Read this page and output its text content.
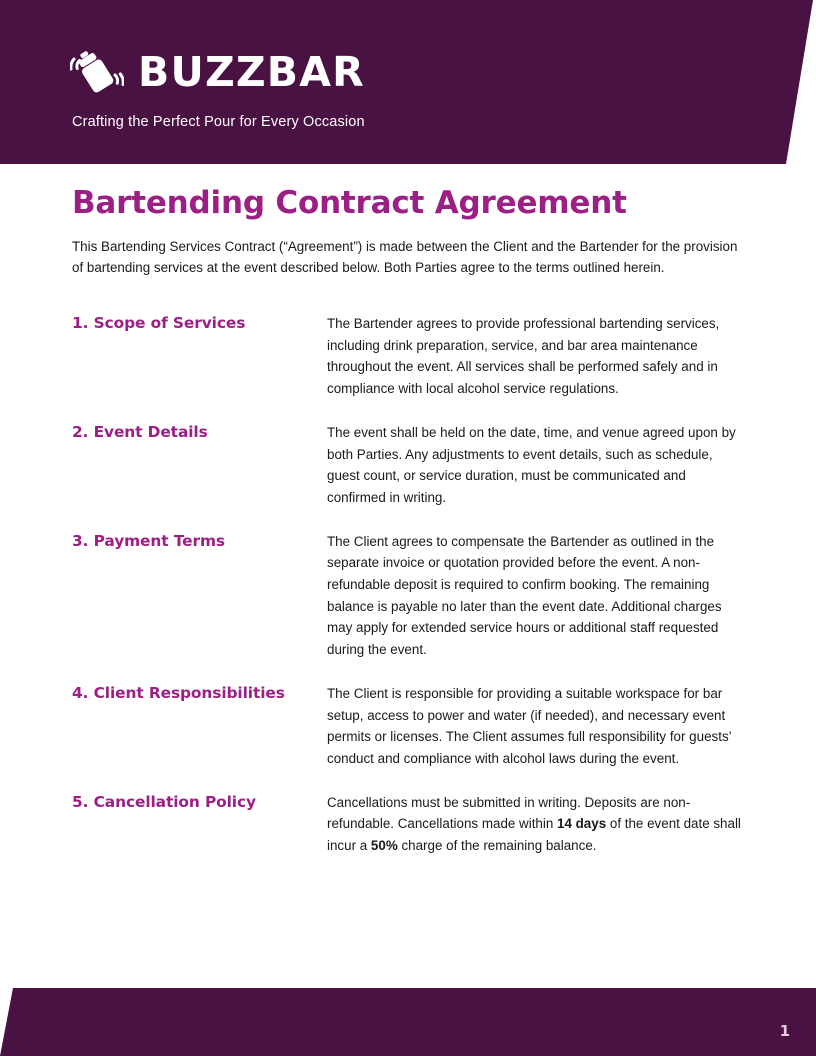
BUZZBAR
Crafting the Perfect Pour for Every Occasion
Bartending Contract Agreement

This Bartending Services Contract (“Agreement”) is made between the Client and the Bartender for the provision of bartending services at the event described below. Both Parties agree to the terms outlined herein.

1. Scope of Services	The Bartender agrees to provide professional bartending services, including drink preparation, service, and bar area maintenance throughout the event. All services shall be performed safely and in compliance with local alcohol service regulations.
2. Event Details	The event shall be held on the date, time, and venue agreed upon by both Parties. Any adjustments to event details, such as schedule, guest count, or service duration, must be communicated and confirmed in writing.
3. Payment Terms	The Client agrees to compensate the Bartender as outlined in the separate invoice or quotation provided before the event. A non-refundable deposit is required to confirm booking. The remaining balance is payable no later than the event date. Additional charges may apply for extended service hours or additional staff requested during the event.
4. Client Responsibilities	The Client is responsible for providing a suitable workspace for bar setup, access to power and water (if needed), and necessary event permits or licenses. The Client assumes full responsibility for guests’ conduct and compliance with alcohol laws during the event.
5. Cancellation Policy	Cancellations must be submitted in writing. Deposits are non-refundable. Cancellations made within 14 days of the event date shall incur a 50% charge of the remaining balance.
1
